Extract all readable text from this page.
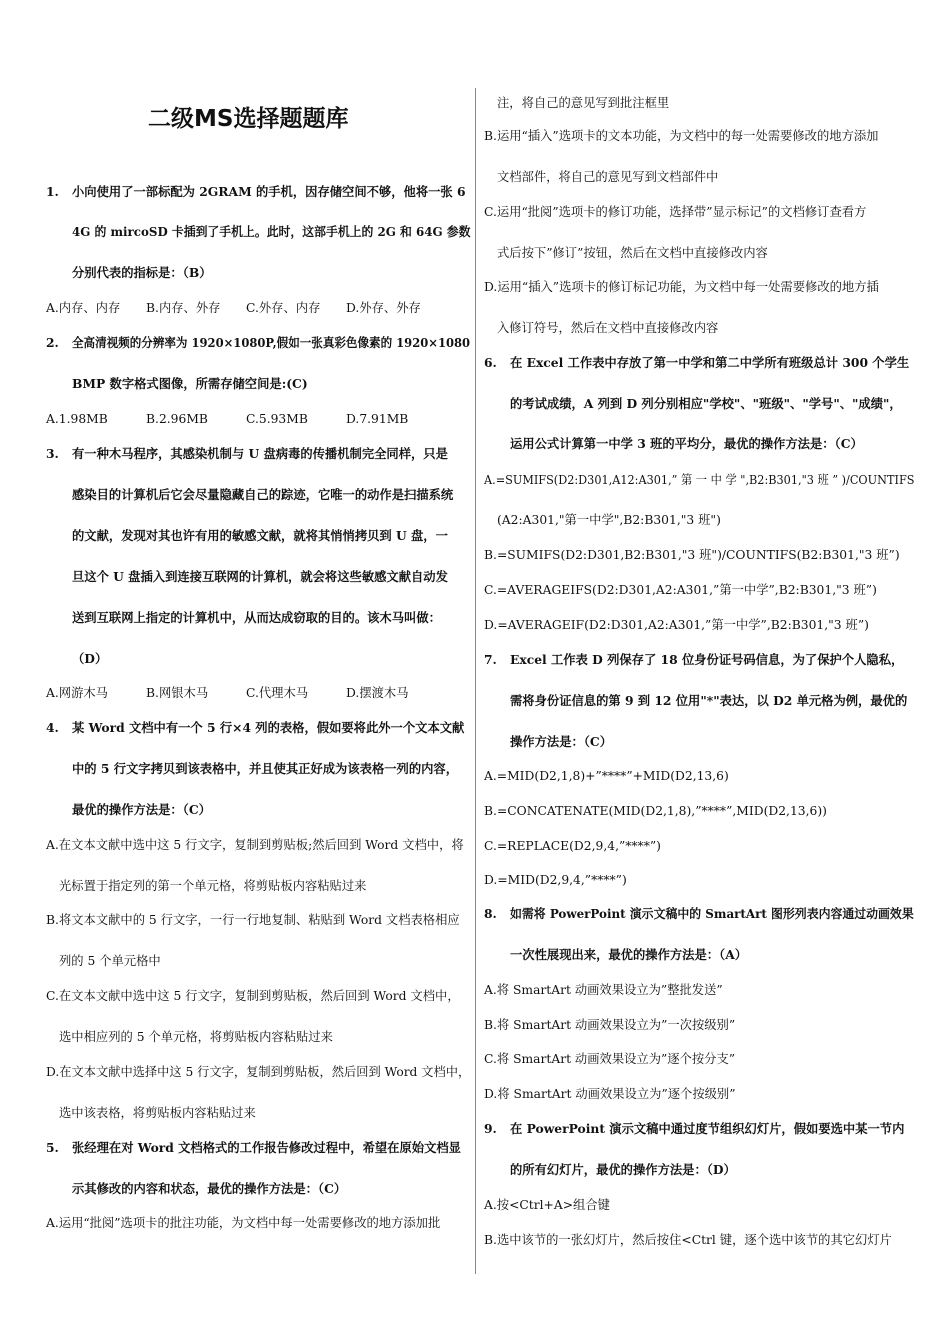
二级MS选择题题库
1. 小向使用了一部标配为 2GRAM 的手机，因存储空间不够，他将一张 6
4G 的 mircoSD 卡插到了手机上。此时，这部手机上的 2G 和 64G 参数
分别代表的指标是：（B）
A.内存、内存 B.内存、外存 C.外存、内存 D.外存、外存
2. 全高清视频的分辨率为 1920×1080P,假如一张真彩色像素的 1920×1080
BMP 数字格式图像，所需存储空间是:(C)
A.1.98MB	B.2.96MB	C.5.93MB	D.7.91MB
3. 有一种木马程序，其感染机制与 U 盘病毒的传播机制完全同样，只是
感染目的计算机后它会尽量隐藏自己的踪迹，它唯一的动作是扫描系统
的文献，发现对其也许有用的敏感文献，就将其悄悄拷贝到 U 盘，一
旦这个 U 盘插入到连接互联网的计算机，就会将这些敏感文献自动发
送到互联网上指定的计算机中，从而达成窃取的目的。该木马叫做：
（D）
A.网游木马	B.网银木马	C.代理木马	D.摆渡木马
4. 某 Word 文档中有一个 5 行×4 列的表格，假如要将此外一个文本文献
中的 5 行文字拷贝到该表格中，并且使其正好成为该表格一列的内容，
最优的操作方法是：（C）
A.在文本文献中选中这 5 行文字，复制到剪贴板;然后回到 Word 文档中，将
光标置于指定列的第一个单元格，将剪贴板内容粘贴过来
B.将文本文献中的 5 行文字，一行一行地复制、粘贴到 Word 文档表格相应
列的 5 个单元格中
C.在文本文献中选中这 5 行文字，复制到剪贴板，然后回到 Word 文档中，
选中相应列的 5 个单元格，将剪贴板内容粘贴过来
D.在文本文献中选择中这 5 行文字，复制到剪贴板，然后回到 Word 文档中，
选中该表格，将剪贴板内容粘贴过来
5. 张经理在对 Word 文档格式的工作报告修改过程中，希望在原始文档显
示其修改的内容和状态，最优的操作方法是：（C）
A.运用“批阅”选项卡的批注功能，为文档中每一处需要修改的地方添加批
注，将自己的意见写到批注框里
B.运用“插入”选项卡的文本功能，为文档中的每一处需要修改的地方添加
文档部件，将自己的意见写到文档部件中
C.运用“批阅”选项卡的修订功能，选择带”显示标记”的文档修订查看方
式后按下”修订”按钮，然后在文档中直接修改内容
D.运用“插入”选项卡的修订标记功能，为文档中每一处需要修改的地方插
入修订符号，然后在文档中直接修改内容
6. 在 Excel 工作表中存放了第一中学和第二中学所有班级总计 300 个学生
的考试成绩，A 列到 D 列分别相应"学校"、"班级"、"学号"、"成绩"，
运用公式计算第一中学 3 班的平均分，最优的操作方法是：（C）
A.=SUMIFS(D2:D301,A12:A301,” 第 一 中 学 ",B2:B301,"3 班 ” )/COUNTIFS
(A2:A301,"第一中学",B2:B301,"3 班")
B.=SUMIFS(D2:D301,B2:B301,"3 班")/COUNTIFS(B2:B301,"3 班”)
C.=AVERAGEIFS(D2:D301,A2:A301,”第一中学”,B2:B301,"3 班”)
D.=AVERAGEIF(D2:D301,A2:A301,”第一中学”,B2:B301,"3 班”)
7. Excel 工作表 D 列保存了 18 位身份证号码信息，为了保护个人隐私，
需将身份证信息的第 9 到 12 位用"*"表达，以 D2 单元格为例，最优的
操作方法是：（C）
A.=MID(D2,1,8)+”****”+MID(D2,13,6)
B.=CONCATENATE(MID(D2,1,8),”****”,MID(D2,13,6))
C.=REPLACE(D2,9,4,”****”)
D.=MID(D2,9,4,”****”)
8. 如需将 PowerPoint 演示文稿中的 SmartArt 图形列表内容通过动画效果
一次性展现出来，最优的操作方法是：（A）
A.将 SmartArt 动画效果设立为”整批发送”
B.将 SmartArt 动画效果设立为”一次按级别”
C.将 SmartArt 动画效果设立为”逐个按分支”
D.将 SmartArt 动画效果设立为”逐个按级别”
9. 在 PowerPoint 演示文稿中通过度节组织幻灯片，假如要选中某一节内
的所有幻灯片，最优的操作方法是：（D）
A.按<Ctrl+A>组合键
B.选中该节的一张幻灯片，然后按住<Ctrl 键，逐个选中该节的其它幻灯片
